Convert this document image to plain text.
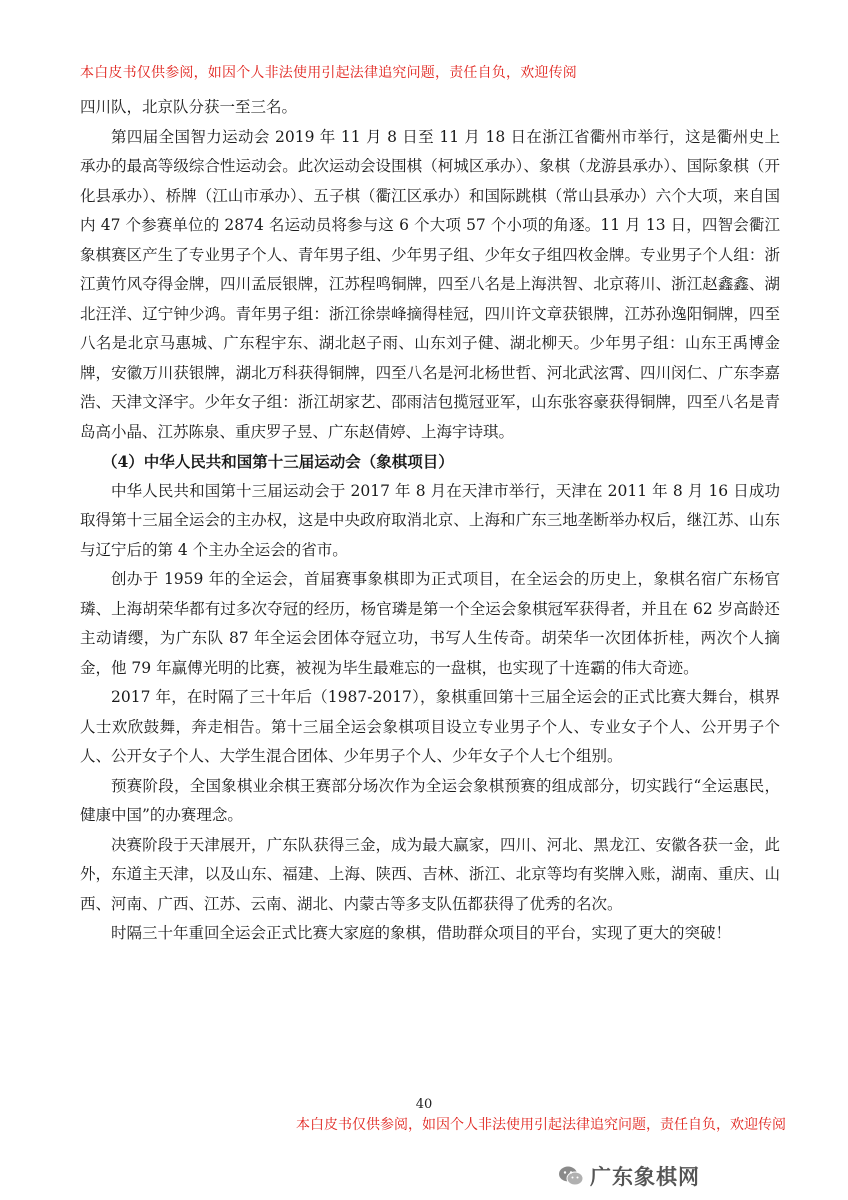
本白皮书仅供参阅，如因个人非法使用引起法律追究问题，责任自负，欢迎传阅

四川队，北京队分获一至三名。

第四届全国智力运动会 2019 年 11 月 8 日至 11 月 18 日在浙江省衢州市举行，这是衢州史上承办的最高等级综合性运动会。此次运动会设围棋（柯城区承办）、象棋（龙游县承办）、国际象棋（开化县承办）、桥牌（江山市承办）、五子棋（衢江区承办）和国际跳棋（常山县承办）六个大项，来自国内 47 个参赛单位的 2874 名运动员将参与这 6 个大项 57 个小项的角逐。11 月 13 日，四智会衢江象棋赛区产生了专业男子个人、青年男子组、少年男子组、少年女子组四枚金牌。专业男子个人组：浙江黄竹风夺得金牌，四川孟辰银牌，江苏程鸣铜牌，四至八名是上海洪智、北京蒋川、浙江赵鑫鑫、湖北汪洋、辽宁钟少鸿。青年男子组：浙江徐崇峰摘得桂冠，四川许文章获银牌，江苏孙逸阳铜牌，四至八名是北京马惠城、广东程宇东、湖北赵子雨、山东刘子健、湖北柳天。少年男子组：山东王禹博金牌，安徽万川获银牌，湖北万科获得铜牌，四至八名是河北杨世哲、河北武泫霄、四川闵仁、广东李嘉浩、天津文泽宇。少年女子组：浙江胡家艺、邵雨洁包揽冠亚军，山东张容豪获得铜牌，四至八名是青岛高小晶、江苏陈泉、重庆罗子昱、广东赵倩婷、上海宇诗琪。

（4）中华人民共和国第十三届运动会（象棋项目）

中华人民共和国第十三届运动会于 2017 年 8 月在天津市举行，天津在 2011 年 8 月 16 日成功取得第十三届全运会的主办权，这是中央政府取消北京、上海和广东三地垄断举办权后，继江苏、山东与辽宁后的第 4 个主办全运会的省市。

创办于 1959 年的全运会，首届赛事象棋即为正式项目，在全运会的历史上，象棋名宿广东杨官璘、上海胡荣华都有过多次夺冠的经历，杨官璘是第一个全运会象棋冠军获得者，并且在 62 岁高龄还主动请缨，为广东队 87 年全运会团体夺冠立功，书写人生传奇。胡荣华一次团体折桂，两次个人摘金，他 79 年赢傅光明的比赛，被视为毕生最难忘的一盘棋，也实现了十连霸的伟大奇迹。

2017 年，在时隔了三十年后（1987-2017），象棋重回第十三届全运会的正式比赛大舞台，棋界人士欢欣鼓舞，奔走相告。第十三届全运会象棋项目设立专业男子个人、专业女子个人、公开男子个人、公开女子个人、大学生混合团体、少年男子个人、少年女子个人七个组别。

预赛阶段，全国象棋业余棋王赛部分场次作为全运会象棋预赛的组成部分，切实践行“全运惠民，健康中国”的办赛理念。

决赛阶段于天津展开，广东队获得三金，成为最大赢家，四川、河北、黑龙江、安徽各获一金，此外，东道主天津，以及山东、福建、上海、陕西、吉林、浙江、北京等均有奖牌入账，湖南、重庆、山西、河南、广西、江苏、云南、湖北、内蒙古等多支队伍都获得了优秀的名次。

时隔三十年重回全运会正式比赛大家庭的象棋，借助群众项目的平台，实现了更大的突破！

40
本白皮书仅供参阅，如因个人非法使用引起法律追究问题，责任自负，欢迎传阅
广东象棋网
